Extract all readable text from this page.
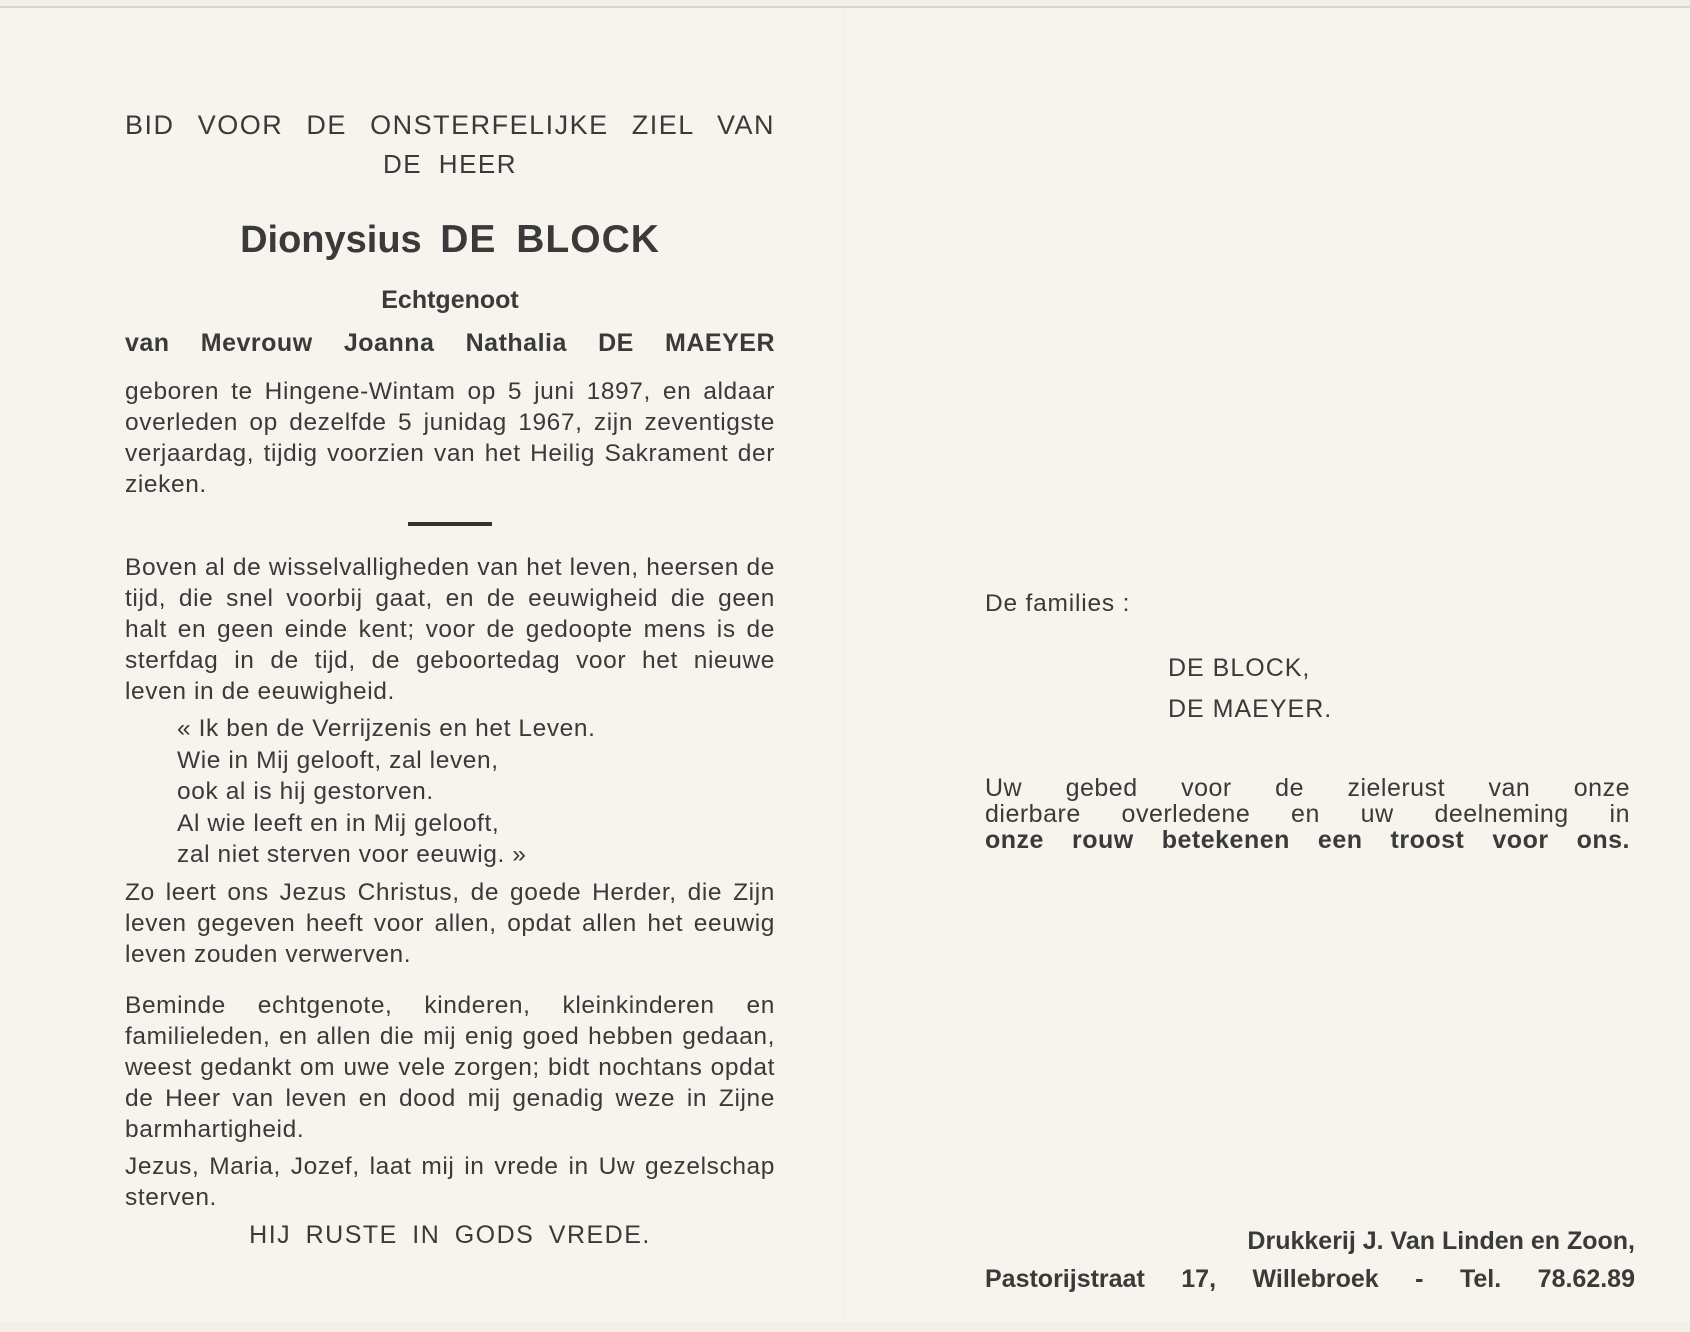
BID VOOR DE ONSTERFELIJKE ZIEL VAN
DE HEER
Dionysius DE BLOCK
Echtgenoot
van Mevrouw Joanna Nathalia DE MAEYER
geboren te Hingene-Wintam op 5 juni 1897, en aldaar overleden op dezelfde 5 junidag 1967, zijn zeventigste verjaardag, tijdig voorzien van het Heilig Sakrament der zieken.
Boven al de wisselvalligheden van het leven, heersen de tijd, die snel voorbij gaat, en de eeuwigheid die geen halt en geen einde kent; voor de gedoopte mens is de sterfdag in de tijd, de geboortedag voor het nieuwe leven in de eeuwigheid.
« Ik ben de Verrijzenis en het Leven.
Wie in Mij gelooft, zal leven,
ook al is hij gestorven.
Al wie leeft en in Mij gelooft,
zal niet sterven voor eeuwig. »
Zo leert ons Jezus Christus, de goede Herder, die Zijn leven gegeven heeft voor allen, opdat allen het eeuwig leven zouden verwerven.
Beminde echtgenote, kinderen, kleinkinderen en familieleden, en allen die mij enig goed hebben gedaan, weest gedankt om uwe vele zorgen; bidt nochtans opdat de Heer van leven en dood mij genadig weze in Zijne barmhartigheid.
Jezus, Maria, Jozef, laat mij in vrede in Uw gezelschap sterven.
HIJ RUSTE IN GODS VREDE.
De families :
DE BLOCK,
DE MAEYER.
Uw gebed voor de zielerust van onze
dierbare overledene en uw deelneming in
onze rouw betekenen een troost voor ons.
Drukkerij J. Van Linden en Zoon,
Pastorijstraat 17, Willebroek - Tel. 78.62.89
